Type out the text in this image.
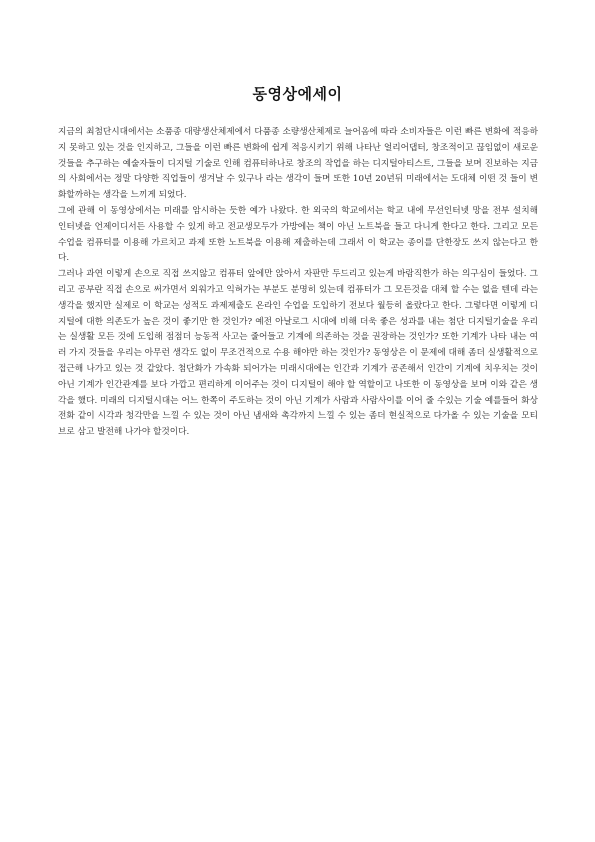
동영상에세이

지금의 최첨단시대에서는 소품종 대량생산체제에서 다품종 소량생산체제로 늘어옴에 따라 소비자들은 이런 빠른 변화에 적응하지 못하고 있는 것을 인지하고, 그들을 이런 빠른 변화에 쉽게 적응시키기 위해 나타난 얼리어댑터, 창조적이고 끊임없이 새로운 것들을 추구하는 예술자들이 디지털 기술로 인해 컴퓨터하나로 창조의 작업을 하는 디지털아티스트, 그들을 보며 진보하는 지금의 사회에서는 정말 다양한 직업들이 생겨날 수 있구나 라는 생각이 들며 또한 10년 20년뒤 미래에서는 도대체 이떤 것 들이 변화할까하는 생각을 느끼게 되었다.

그에 관해 이 동영상에서는 미래를 암시하는 듯한 예가 나왔다. 한 외국의 학교에서는 학교 내에 무선인터넷 망을 전부 설치해 인터넷을 언제이디서든 사용할 수 있게 하고 전교생모두가 가방에는 책이 아닌 노트북을 들고 다니게 한다고 한다. 그리고 모든 수업을 컴퓨터를 이용해 가르치고 과제 또한 노트북을 이용해 제출하는데 그래서 이 학교는 종이를 단한장도 쓰지 않는다고 한다.

그러나 과연 이렇게 손으로 직접 쓰지않고 컴퓨터 앞에만 앉아서 자판만 두드리고 있는게 바람직한가 하는 의구심이 들었다. 그리고 공부란 직접 손으로 써가면서 외워가고 익혀가는 부분도 분명히 있는데 컴퓨터가 그 모든것을 대체 할 수는 없을 텐데 라는 생각을 했지만 실제로 이 학교는 성적도 과제제출도 온라인 수업을 도입하기 전보다 월등히 올랐다고 한다. 그렇다면 이렇게 디지털에 대한 의존도가 높은 것이 좋기만 한 것인가? 예전 아날로그 시대에 비해 더욱 좋은 성과를 내는 첨단 디지털기술을 우리는 실생활 모든 것에 도입해 점점더 능동적 사고는 줄어들고 기계에 의존하는 것을 권장하는 것인가? 또한 기계가 나타 내는 여러 가지 것들을 우리는 아무런 생각도 없이 무조건적으로 수용 해야만 하는 것인가? 동영상은 이 문제에 대해 좀더 실생활적으로 접근해 나가고 있는 것 같았다. 첨단화가 가속화 되어가는 미래시대에는 인간과 기계가 공존해서 인간이 기계에 치우치는 것이 아닌 기계가 인간관계를 보다 가깝고 편리하게 이어주는 것이 디지털이 해야 할 역할이고 나또한 이 동영상을 보며 이와 같은 생각을 했다. 미래의 디지털시대는 어느 한쪽이 주도하는 것이 아닌 기계가 사람과 사람사이를 이어 줄 수있는 기술 예를들어 화상전화 같이 시각과 청각만을 느낄 수 있는 것이 아닌 냄새와 촉각까지 느낄 수 있는 좀더 현실적으로 다가올 수 있는 기술을 모티브로 삼고 발전해 나가야 할것이다.
